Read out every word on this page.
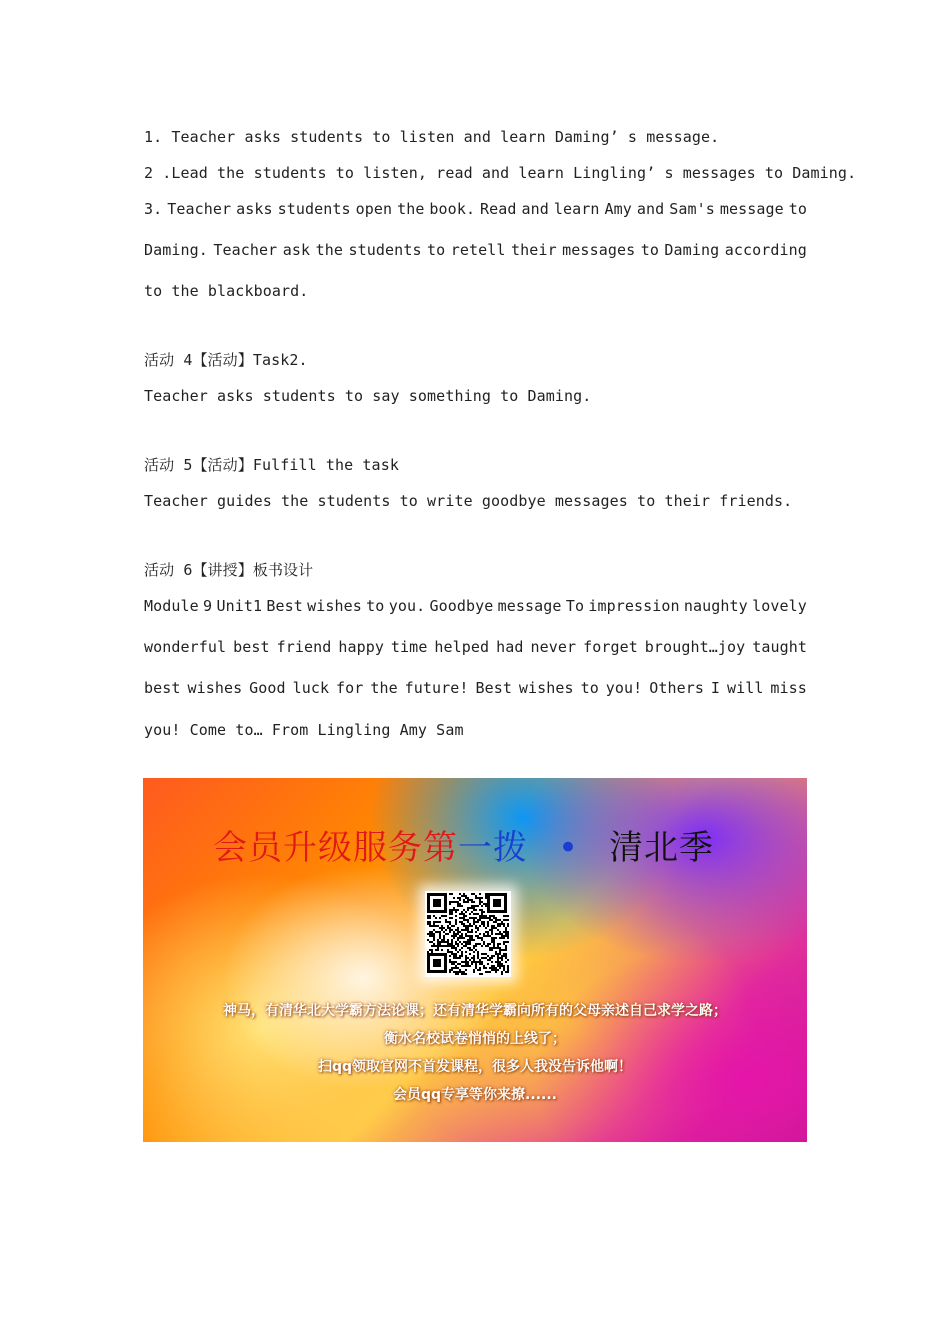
1. Teacher asks students to listen and learn Daming’ s message.
2 .Lead the students to listen, read and learn Lingling’ s messages to Daming.
3. Teacher asks students open the book. Read and learn Amy and Sam's message to
Daming. Teacher ask the students to retell their messages to Daming according
to the blackboard.
活动 4【活动】Task2.
Teacher asks students to say something to Daming.
活动 5【活动】Fulfill the task
Teacher guides the students to write goodbye messages to their friends.
活动 6【讲授】板书设计
Module 9 Unit1 Best wishes to you. Goodbye message To impression naughty lovely
wonderful best friend happy time helped had never forget brought…joy taught
best wishes Good luck for the future! Best wishes to you! Others I will miss
you! Come to… From Lingling Amy Sam
会员升级服务第一拨 • 清北季
神马，有清华北大学霸方法论课；还有清华学霸向所有的父母亲述自己求学之路；
衡水名校试卷悄悄的上线了；
扫qq领取官网不首发课程，很多人我没告诉他啊！
会员qq专享等你来撩......
